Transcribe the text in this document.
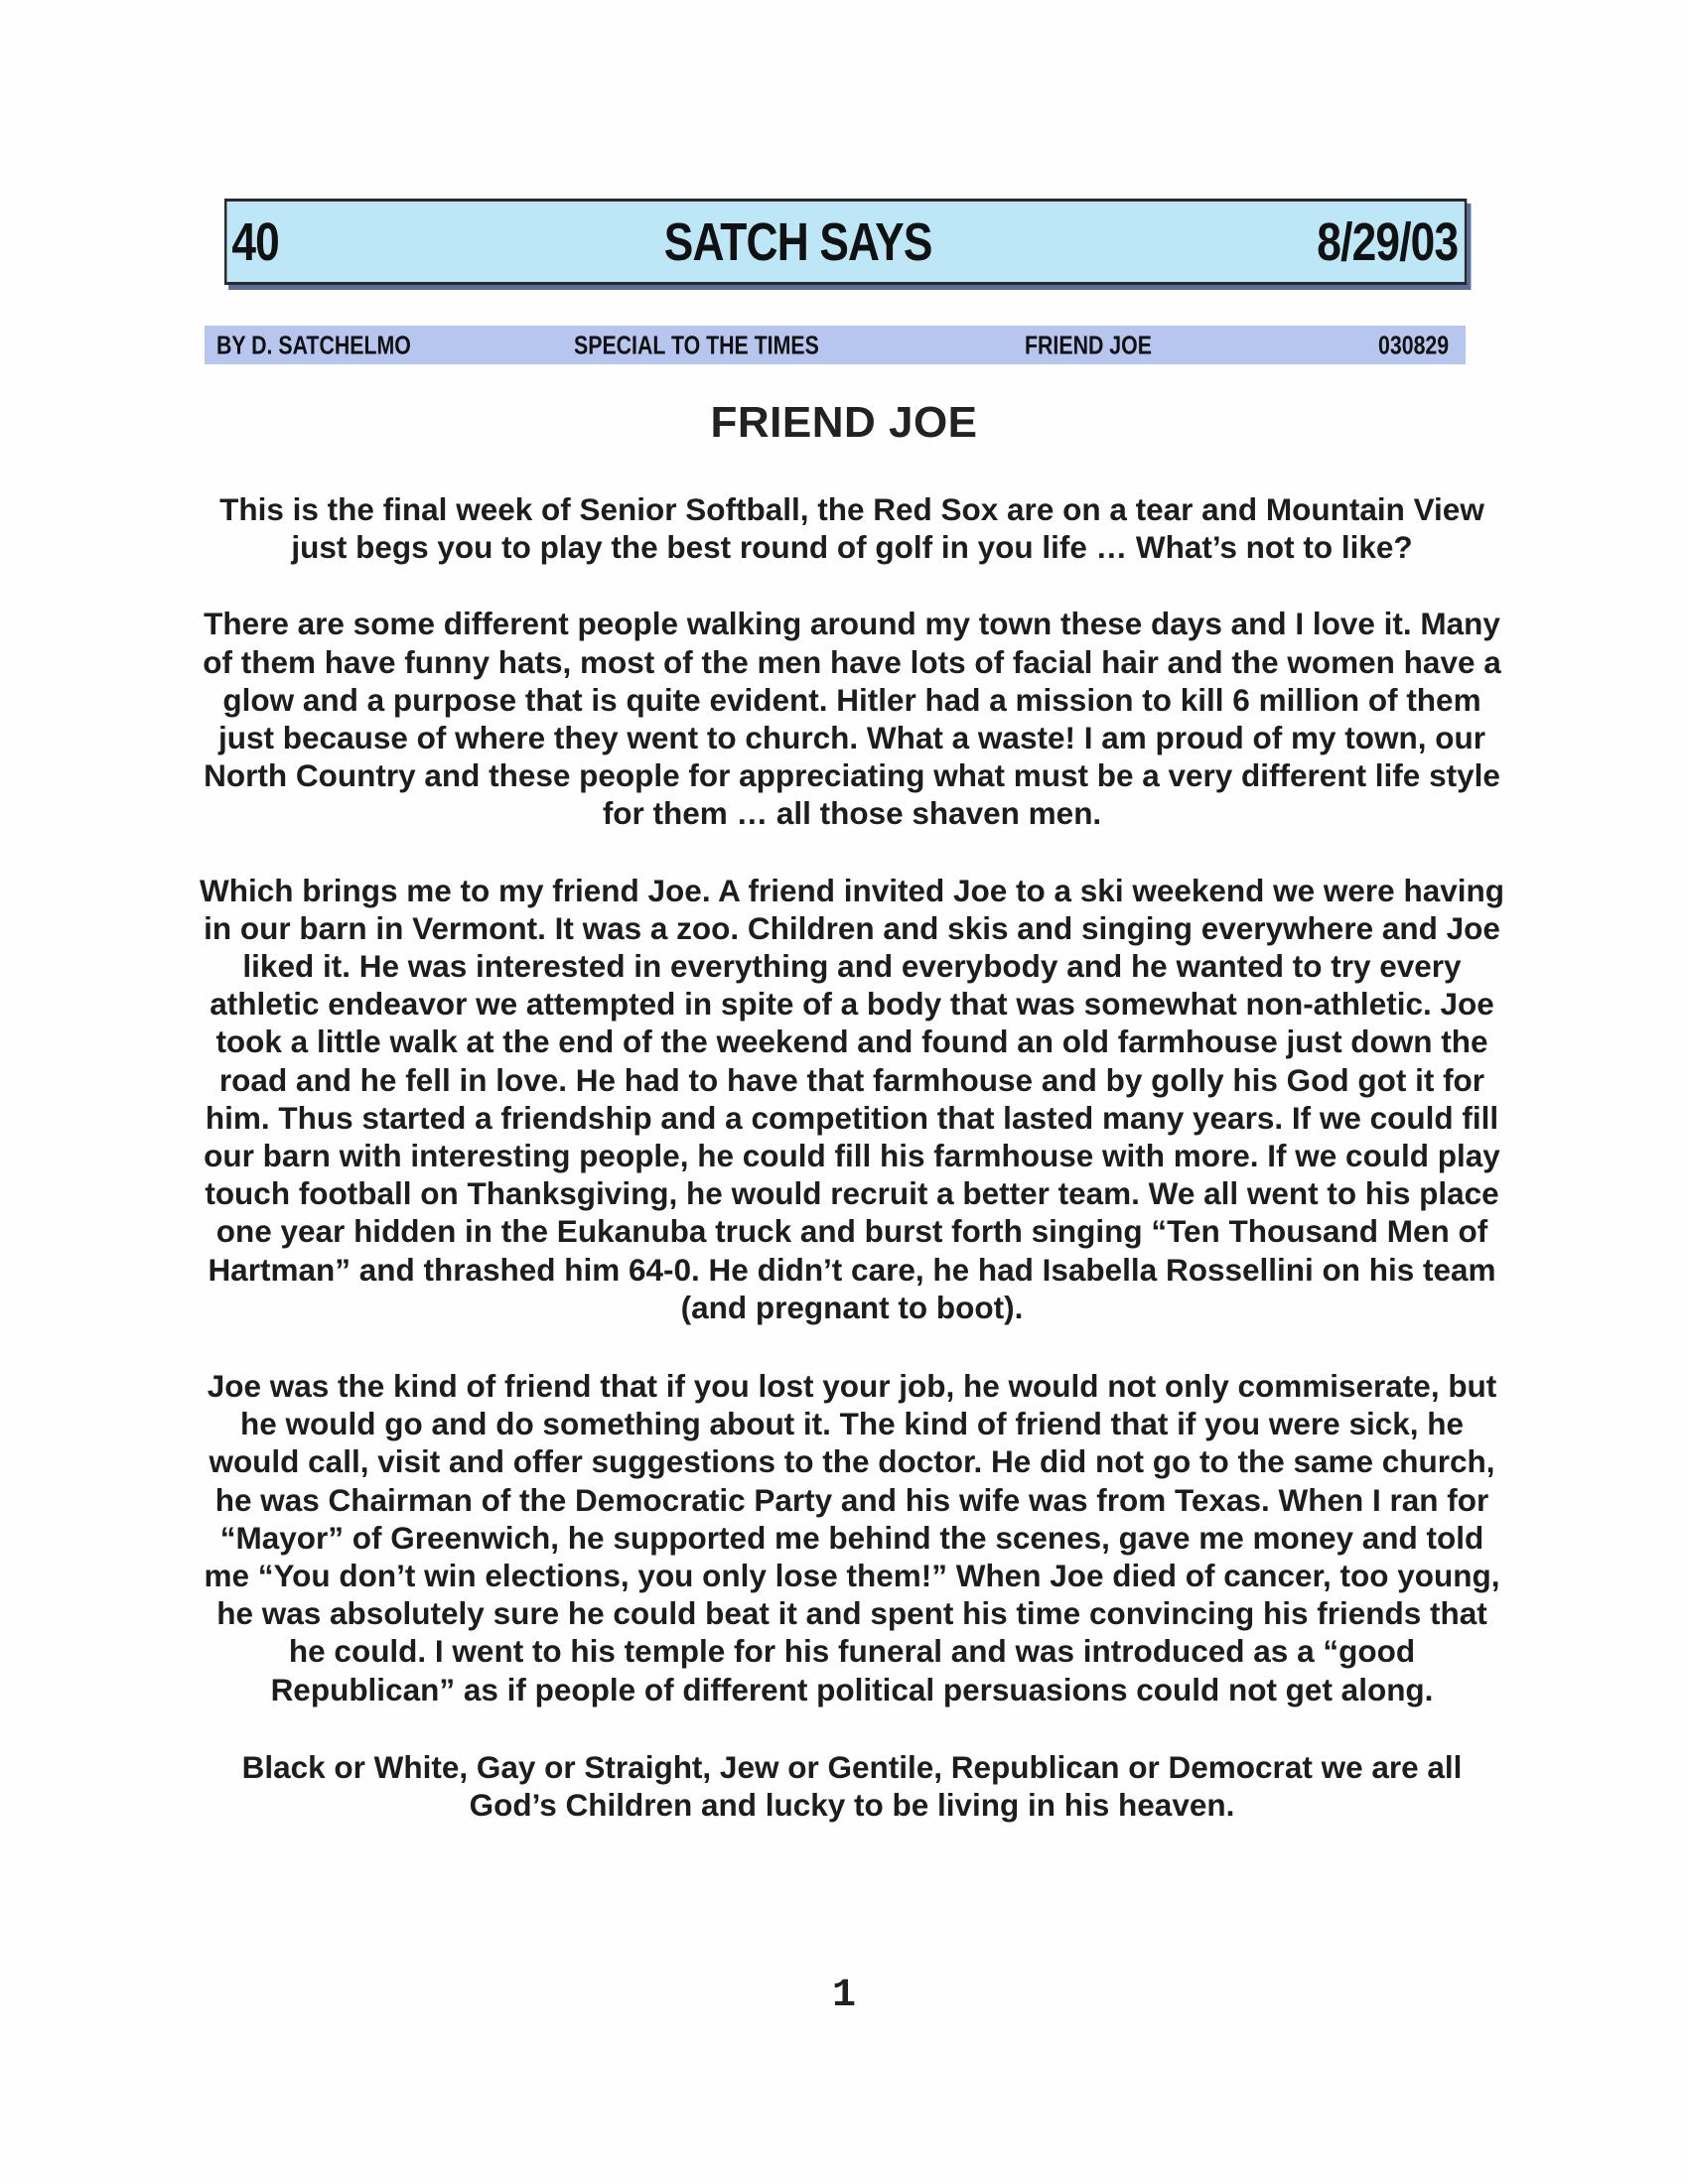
40	SATCH SAYS	8/29/03
BY D. SATCHELMO	SPECIAL TO THE TIMES	FRIEND JOE	030829
FRIEND JOE

This is the final week of Senior Softball, the Red Sox are on a tear and Mountain View just begs you to play the best round of golf in you life … What’s not to like?

There are some different people walking around my town these days and I love it. Many of them have funny hats, most of the men have lots of facial hair and the women have a glow and a purpose that is quite evident. Hitler had a mission to kill 6 million of them just because of where they went to church. What a waste! I am proud of my town, our North Country and these people for appreciating what must be a very different life style for them … all those shaven men.

Which brings me to my friend Joe. A friend invited Joe to a ski weekend we were having in our barn in Vermont. It was a zoo. Children and skis and singing everywhere and Joe liked it. He was interested in everything and everybody and he wanted to try every athletic endeavor we attempted in spite of a body that was somewhat non-athletic. Joe took a little walk at the end of the weekend and found an old farmhouse just down the road and he fell in love. He had to have that farmhouse and by golly his God got it for him. Thus started a friendship and a competition that lasted many years. If we could fill our barn with interesting people, he could fill his farmhouse with more. If we could play touch football on Thanksgiving, he would recruit a better team. We all went to his place one year hidden in the Eukanuba truck and burst forth singing “Ten Thousand Men of Hartman” and thrashed him 64-0. He didn’t care, he had Isabella Rossellini on his team (and pregnant to boot).

Joe was the kind of friend that if you lost your job, he would not only commiserate, but he would go and do something about it. The kind of friend that if you were sick, he would call, visit and offer suggestions to the doctor. He did not go to the same church, he was Chairman of the Democratic Party and his wife was from Texas. When I ran for “Mayor” of Greenwich, he supported me behind the scenes, gave me money and told me “You don’t win elections, you only lose them!” When Joe died of cancer, too young, he was absolutely sure he could beat it and spent his time convincing his friends that he could. I went to his temple for his funeral and was introduced as a “good Republican” as if people of different political persuasions could not get along.

Black or White, Gay or Straight, Jew or Gentile, Republican or Democrat we are all God’s Children and lucky to be living in his heaven.

1
